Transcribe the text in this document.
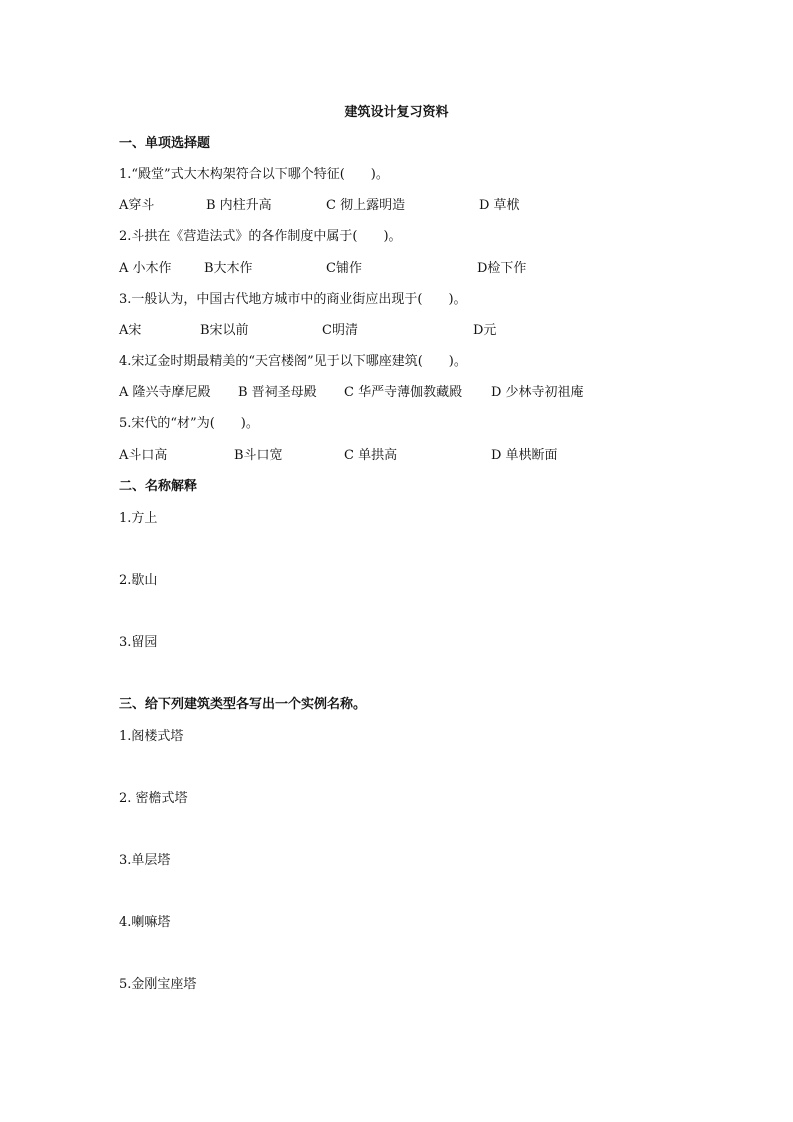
建筑设计复习资料
一、单项选择题
1.“殿堂”式大木构架符合以下哪个特征(　　)。
A穿斗	B 内柱升高	C 彻上露明造	D 草栿
2.斗拱在《营造法式》的各作制度中属于(　　)。
A 小木作 B大木作	C铺作	D检下作
3.一般认为，中国古代地方城市中的商业街应出现于(　　)。
A宋	B宋以前	C明清	D元
4.宋辽金时期最精美的“天宫楼阁”见于以下哪座建筑(　　)。
A 隆兴寺摩尼殿 B 晋祠圣母殿 C 华严寺薄伽教藏殿 D 少林寺初祖庵
5.宋代的“材”为(　　)。
A斗口高	B斗口宽	C 单拱高	D 单栱断面
二、名称解释
1.方上
2.歇山
3.留园
三、给下列建筑类型各写出一个实例名称。
1.阁楼式塔
2. 密檐式塔
3.单层塔
4.喇嘛塔
5.金刚宝座塔
